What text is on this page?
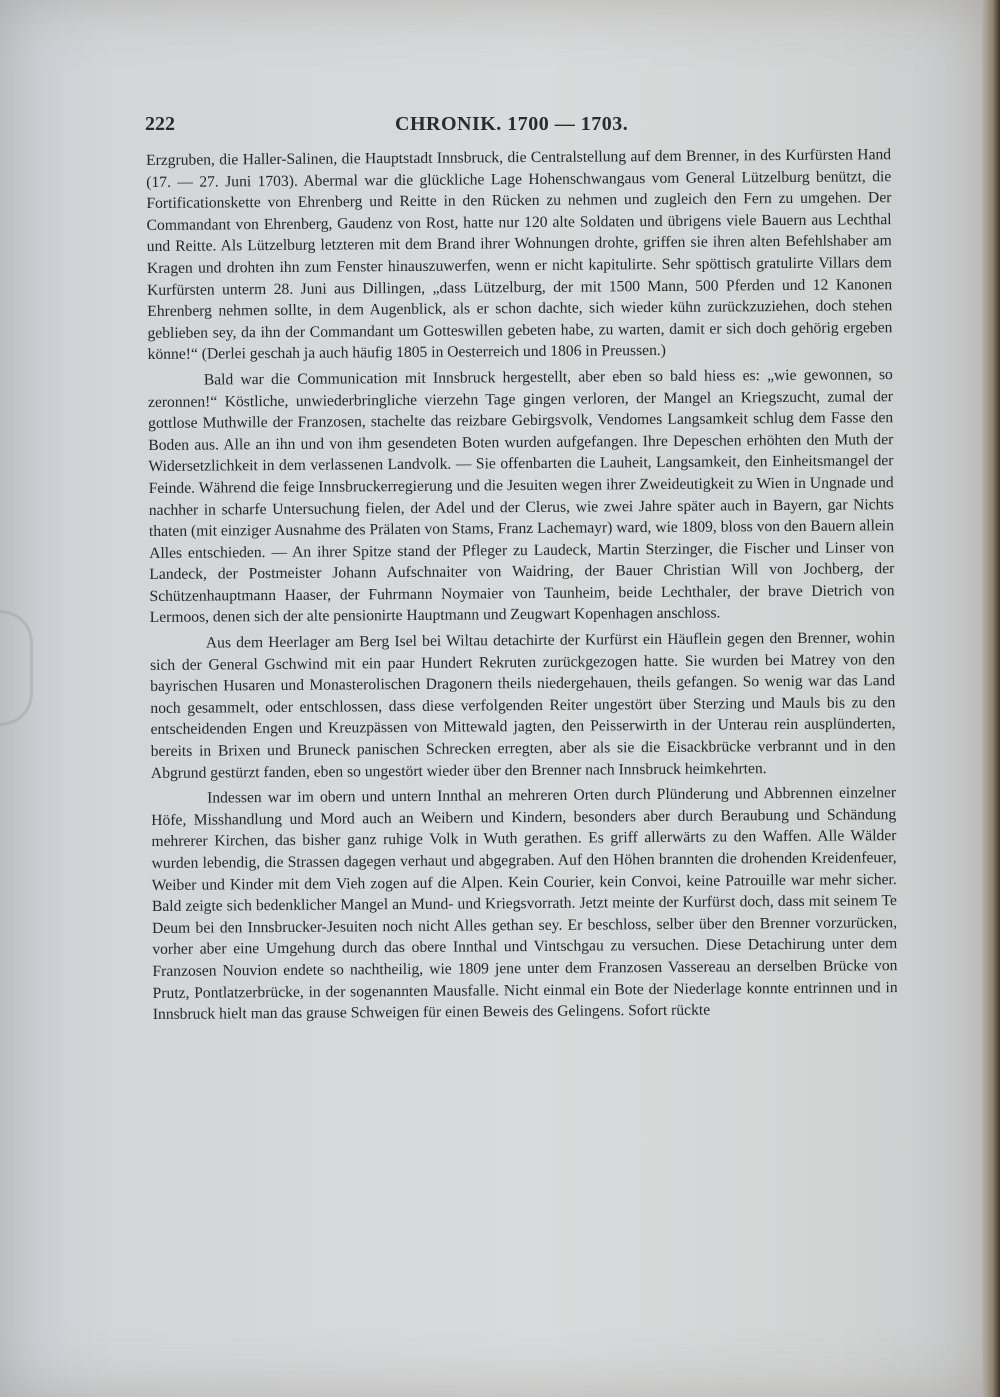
222	CHRONIK. 1700 — 1703.

Erzgruben, die Haller-Salinen, die Hauptstadt Innsbruck, die Centralstellung auf dem Brenner, in des Kurfürsten Hand (17. — 27. Juni 1703). Abermal war die glückliche Lage Hohenschwangaus vom General Lützelburg benützt, die Fortificationskette von Ehrenberg und Reitte in den Rücken zu nehmen und zugleich den Fern zu umgehen. Der Commandant von Ehrenberg, Gaudenz von Rost, hatte nur 120 alte Soldaten und übrigens viele Bauern aus Lechthal und Reitte. Als Lützelburg letzteren mit dem Brand ihrer Wohnungen drohte, griffen sie ihren alten Befehlshaber am Kragen und drohten ihn zum Fenster hinauszuwerfen, wenn er nicht kapitulirte. Sehr spöttisch gratulirte Villars dem Kurfürsten unterm 28. Juni aus Dillingen, „dass Lützelburg, der mit 1500 Mann, 500 Pferden und 12 Kanonen Ehrenberg nehmen sollte, in dem Augenblick, als er schon dachte, sich wieder kühn zurückzuziehen, doch stehen geblieben sey, da ihn der Commandant um Gotteswillen gebeten habe, zu warten, damit er sich doch gehörig ergeben könne!“ (Derlei geschah ja auch häufig 1805 in Oesterreich und 1806 in Preussen.)

Bald war die Communication mit Innsbruck hergestellt, aber eben so bald hiess es: „wie gewonnen, so zeronnen!“ Köstliche, unwiederbringliche vierzehn Tage gingen verloren, der Mangel an Kriegszucht, zumal der gottlose Muthwille der Franzosen, stachelte das reizbare Gebirgsvolk, Vendomes Langsamkeit schlug dem Fasse den Boden aus. Alle an ihn und von ihm gesendeten Boten wurden aufgefangen. Ihre Depeschen erhöhten den Muth der Widersetzlichkeit in dem verlassenen Landvolk. — Sie offenbarten die Lauheit, Langsamkeit, den Einheitsmangel der Feinde. Während die feige Innsbruckerregierung und die Jesuiten wegen ihrer Zweideutigkeit zu Wien in Ungnade und nachher in scharfe Untersuchung fielen, der Adel und der Clerus, wie zwei Jahre später auch in Bayern, gar Nichts thaten (mit einziger Ausnahme des Prälaten von Stams, Franz Lachemayr) ward, wie 1809, bloss von den Bauern allein Alles entschieden. — An ihrer Spitze stand der Pfleger zu Laudeck, Martin Sterzinger, die Fischer und Linser von Landeck, der Postmeister Johann Aufschnaiter von Waidring, der Bauer Christian Will von Jochberg, der Schützenhauptmann Haaser, der Fuhrmann Noymaier von Taunheim, beide Lechthaler, der brave Dietrich von Lermoos, denen sich der alte pensionirte Hauptmann und Zeugwart Kopenhagen anschloss.

Aus dem Heerlager am Berg Isel bei Wiltau detachirte der Kurfürst ein Häuflein gegen den Brenner, wohin sich der General Gschwind mit ein paar Hundert Rekruten zurückgezogen hatte. Sie wurden bei Matrey von den bayrischen Husaren und Monasterolischen Dragonern theils niedergehauen, theils gefangen. So wenig war das Land noch gesammelt, oder entschlossen, dass diese verfolgenden Reiter ungestört über Sterzing und Mauls bis zu den entscheidenden Engen und Kreuzpässen von Mittewald jagten, den Peisserwirth in der Unterau rein ausplünderten, bereits in Brixen und Bruneck panischen Schrecken erregten, aber als sie die Eisackbrücke verbrannt und in den Abgrund gestürzt fanden, eben so ungestört wieder über den Brenner nach Innsbruck heimkehrten.

Indessen war im obern und untern Innthal an mehreren Orten durch Plünderung und Abbrennen einzelner Höfe, Misshandlung und Mord auch an Weibern und Kindern, besonders aber durch Beraubung und Schändung mehrerer Kirchen, das bisher ganz ruhige Volk in Wuth gerathen. Es griff allerwärts zu den Waffen. Alle Wälder wurden lebendig, die Strassen dagegen verhaut und abgegraben. Auf den Höhen brannten die drohenden Kreidenfeuer, Weiber und Kinder mit dem Vieh zogen auf die Alpen. Kein Courier, kein Convoi, keine Patrouille war mehr sicher. Bald zeigte sich bedenklicher Mangel an Mund- und Kriegsvorrath. Jetzt meinte der Kurfürst doch, dass mit seinem Te Deum bei den Innsbrucker-Jesuiten noch nicht Alles gethan sey. Er beschloss, selber über den Brenner vorzurücken, vorher aber eine Umgehung durch das obere Innthal und Vintschgau zu versuchen. Diese Detachirung unter dem Franzosen Nouvion endete so nachtheilig, wie 1809 jene unter dem Franzosen Vassereau an derselben Brücke von Prutz, Pontlatzerbrücke, in der sogenannten Mausfalle. Nicht einmal ein Bote der Niederlage konnte entrinnen und in Innsbruck hielt man das grause Schweigen für einen Beweis des Gelingens. Sofort rückte
